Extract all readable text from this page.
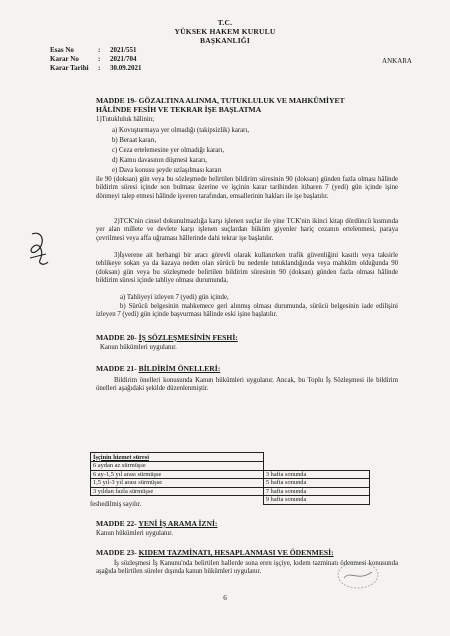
T.C.
YÜKSEK HAKEM KURULU
BAŞKANLIĞI
Esas No	:	2021/551
Karar No	:	2021/704
Karar Tarihi	:	30.09.2021
ANKARA
MADDE 19- GÖZALTINA ALINMA, TUTUKLULUK VE MAHKÛMİYET
HÂLİNDE FESİH VE TEKRAR İŞE BAŞLATMA
1)Tutukluluk hâlinin;
a) Kovuşturmaya yer olmadığı (takipsizlik) kararı,
b) Beraat kararı,
c) Ceza ertelemesine yer olmadığı kararı,
d) Kamu davasının düşmesi kararı,
e) Dava konusu şeyde uzlaşılması kararı
ile 90 (doksan) gün veya bu sözleşmede belirtilen bildirim süresinin 90 (doksan) günden fazla olması hâlinde bildirim süresi içinde son bulması üzerine ve işçinin karar tarihinden itibaren 7 (yedi) gün içinde işine dönmeyi talep etmesi hâlinde işveren tarafından, emsallerinin hakları ile işe başlatılır.
2)TCK'nin cinsel dokunulmazlığa karşı işlenen suçlar ile yine TCK'nin ikinci kitap dördüncü kısmında yer alan millete ve devlete karşı işlenen suçlardan hüküm giyenler hariç cezanın ertelenmesi, paraya çevrilmesi veya affa uğraması hâllerinde dahi tekrar işe başlatılır.
3)İşverene ait herhangi bir aracı görevli olarak kullanırken trafik güvenliğini kasıtlı veya taksirle tehlikeye sokan ya da kazaya neden olan sürücü bu nedenle tutuklandığında veya mahkûm olduğunda 90 (doksan) gün veya bu sözleşmede belirtilen bildirim süresinin 90 (doksan) günden fazla olması hâlinde bildirim süresi içinde tahliye olması durumunda,
a) Tahliyeyi izleyen 7 (yedi) gün içinde,
b) Sürücü belgesinin mahkemece geri alınmış olması durumunda, sürücü belgesinin iade edilişini izleyen 7 (yedi) gün içinde başvurması hâlinde eski işine başlatılır.
MADDE 20- İŞ SÖZLEŞMESİNİN FESHİ:
Kanun hükümleri uygulanır.
MADDE 21- BİLDİRİM ÖNELLERİ:
Bildirim önelleri konusunda Kanun hükümleri uygulanır. Ancak, bu Toplu İş Sözleşmesi ile bildirim önelleri aşağıdaki şekilde düzenlenmiştir.
İşçinin hizmet süresi	
6 aydan az sürmüşse	
6 ay-1,5 yıl arası sürmüşse	3 hafta sonunda
1,5 yıl-3 yıl arası sürmüşse	5 hafta sonunda
3 yıldan fazla sürmüşse	7 hafta sonunda
	9 hafta sonunda
feshedilmiş sayılır.
MADDE 22- YENİ İŞ ARAMA İZNİ:
Kanun hükümleri uygulanır.
MADDE 23- KIDEM TAZMİNATI, HESAPLANMASI VE ÖDENMESİ:
İş sözleşmesi İş Kanunu'nda belirtilen hallerde sona eren işçiye, kıdem tazminatı ödenmesi konusunda aşağıda belirtilen süreler dışında kanun hükümleri uygulanır.
6
